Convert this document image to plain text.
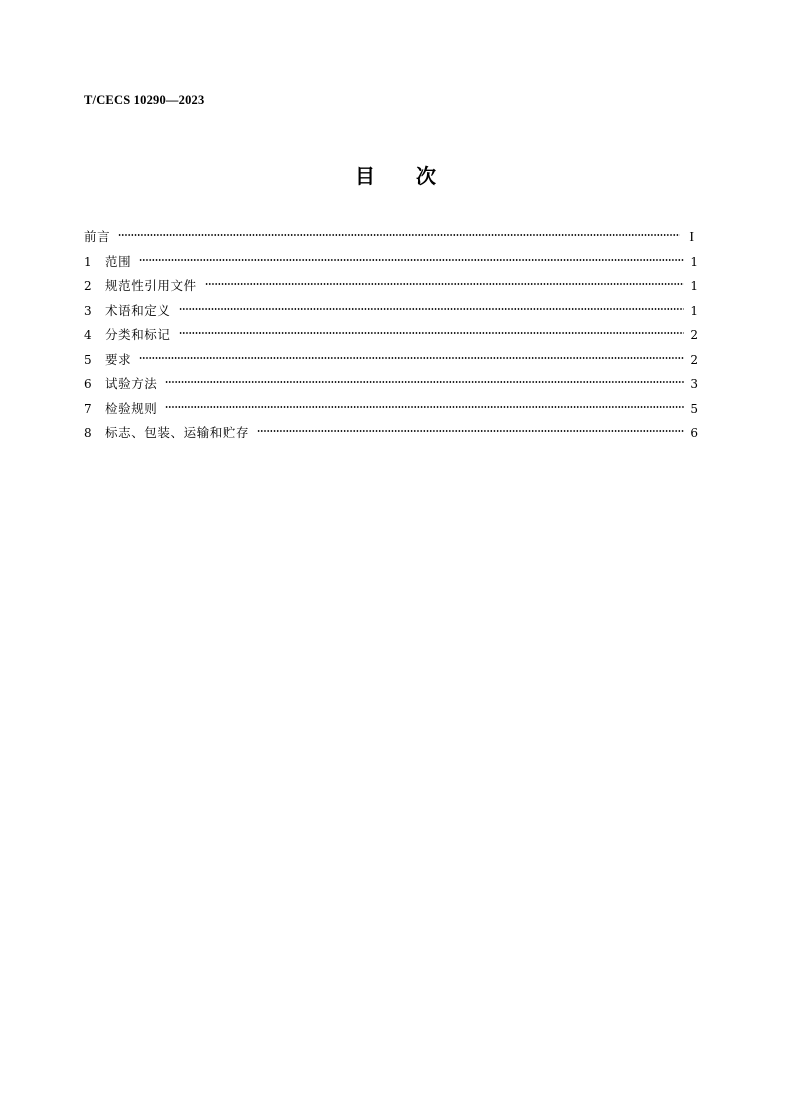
T/CECS 10290—2023
目 次
前言	I
1	范围	1
2	规范性引用文件	1
3	术语和定义	1
4	分类和标记	2
5	要求	2
6	试验方法	3
7	检验规则	5
8	标志、包装、运输和贮存	6
